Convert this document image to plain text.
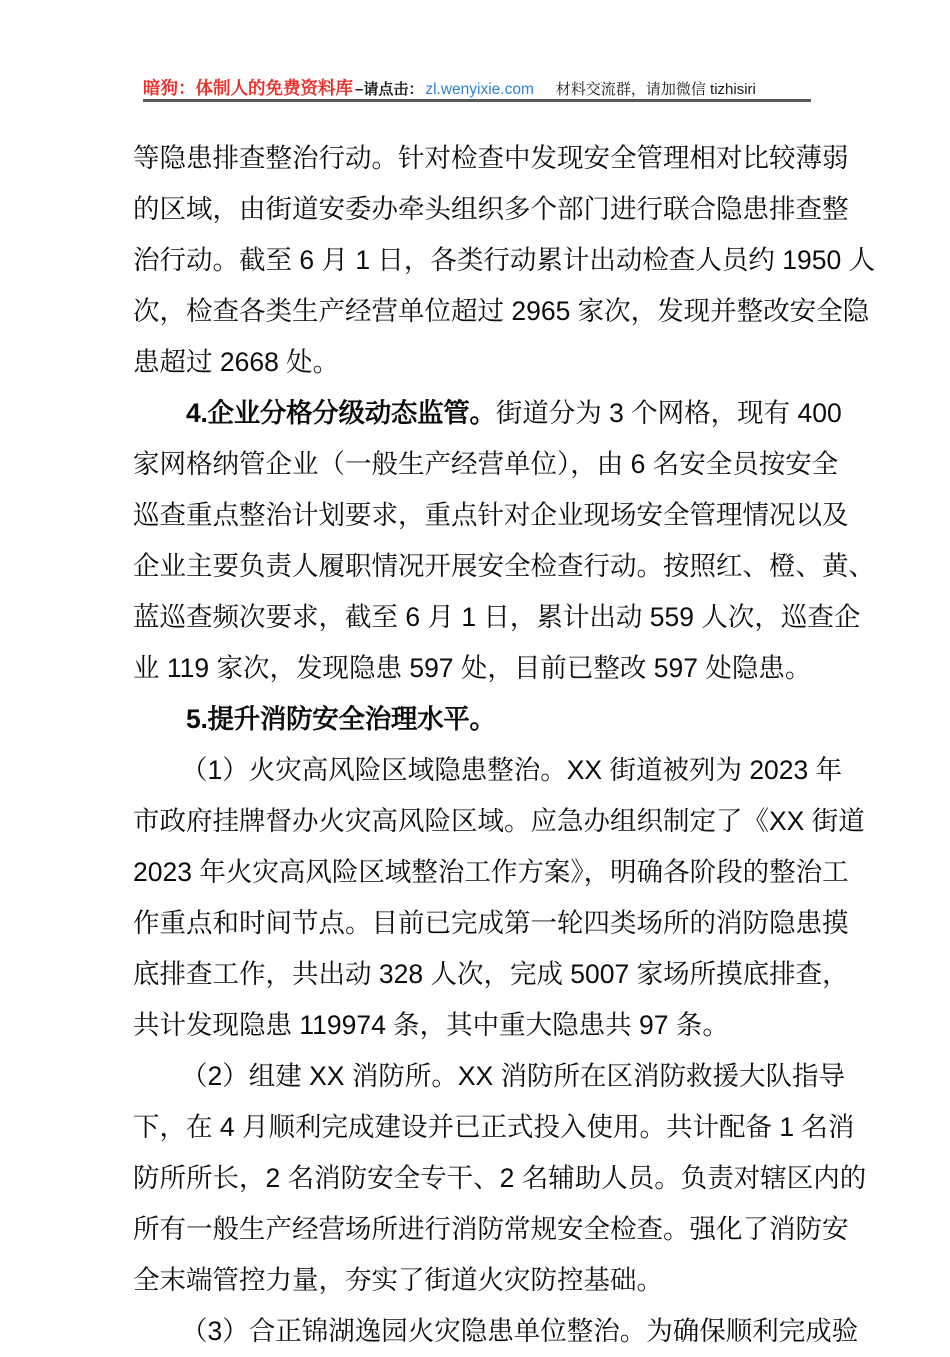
暗狗：体制人的免费资料库 –请点击： zl.wenyixie.com 材料交流群，请加微信 tizhisiri
等隐患排查整治行动。针对检查中发现安全管理相对比较薄弱
的区域，由街道安委办牵头组织多个部门进行联合隐患排查整
治行动。截至 6 月 1 日，各类行动累计出动检查人员约 1950 人
次，检查各类生产经营单位超过 2965 家次，发现并整改安全隐
患超过 2668 处。
4.企业分格分级动态监管。街道分为 3 个网格，现有 400
家网格纳管企业（一般生产经营单位），由 6 名安全员按安全
巡查重点整治计划要求，重点针对企业现场安全管理情况以及
企业主要负责人履职情况开展安全检查行动。按照红、橙、黄、
蓝巡查频次要求，截至 6 月 1 日，累计出动 559 人次，巡查企
业 119 家次，发现隐患 597 处，目前已整改 597 处隐患。
5.提升消防安全治理水平。
（1）火灾高风险区域隐患整治。XX 街道被列为 2023 年
市政府挂牌督办火灾高风险区域。应急办组织制定了《XX 街道
2023 年火灾高风险区域整治工作方案》，明确各阶段的整治工
作重点和时间节点。目前已完成第一轮四类场所的消防隐患摸
底排查工作，共出动 328 人次，完成 5007 家场所摸底排查，
共计发现隐患 119974 条，其中重大隐患共 97 条。
（2）组建 XX 消防所。XX 消防所在区消防救援大队指导
下，在 4 月顺利完成建设并已正式投入使用。共计配备 1 名消
防所所长，2 名消防安全专干、2 名辅助人员。负责对辖区内的
所有一般生产经营场所进行消防常规安全检查。强化了消防安
全末端管控力量，夯实了街道火灾防控基础。
（3）合正锦湖逸园火灾隐患单位整治。为确保顺利完成验
